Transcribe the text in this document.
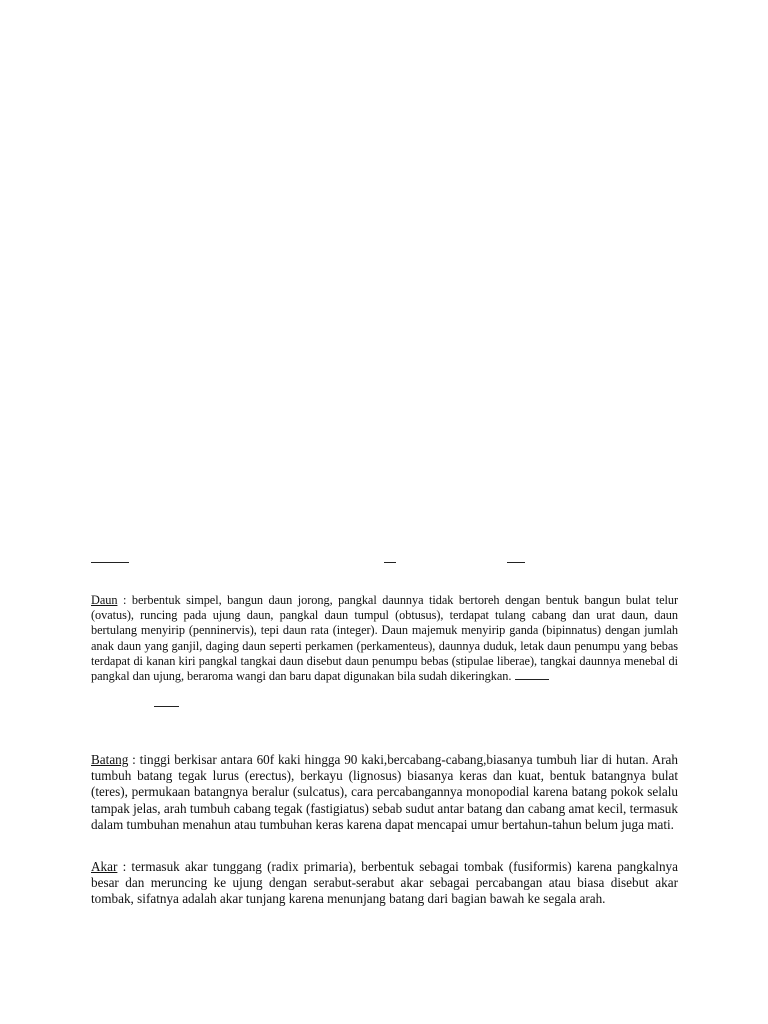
Daun : berbentuk simpel, bangun daun jorong, pangkal daunnya tidak bertoreh dengan bentuk bangun bulat telur (ovatus), runcing pada ujung daun, pangkal daun tumpul (obtusus), terdapat tulang cabang dan urat daun, daun bertulang menyirip (penninervis), tepi daun rata (integer). Daun majemuk menyirip ganda (bipinnatus) dengan jumlah anak daun yang ganjil, daging daun seperti perkamen (perkamenteus), daunnya duduk, letak daun penumpu yang bebas terdapat di kanan kiri pangkal tangkai daun disebut daun penumpu bebas (stipulae liberae), tangkai daunnya menebal di pangkal dan ujung, beraroma wangi dan baru dapat digunakan bila sudah dikeringkan.

Batang : tinggi berkisar antara 60f kaki hingga 90 kaki,bercabang-cabang,biasanya tumbuh liar di hutan. Arah tumbuh batang tegak lurus (erectus), berkayu (lignosus) biasanya keras dan kuat, bentuk batangnya bulat (teres), permukaan batangnya beralur (sulcatus), cara percabangannya monopodial karena batang pokok selalu tampak jelas, arah tumbuh cabang tegak (fastigiatus) sebab sudut antar batang dan cabang amat kecil, termasuk dalam tumbuhan menahun atau tumbuhan keras karena dapat mencapai umur bertahun-tahun belum juga mati.

Akar : termasuk akar tunggang (radix primaria), berbentuk sebagai tombak (fusiformis) karena pangkalnya besar dan meruncing ke ujung dengan serabut-serabut akar sebagai percabangan atau biasa disebut akar tombak, sifatnya adalah akar tunjang karena menunjang batang dari bagian bawah ke segala arah.
